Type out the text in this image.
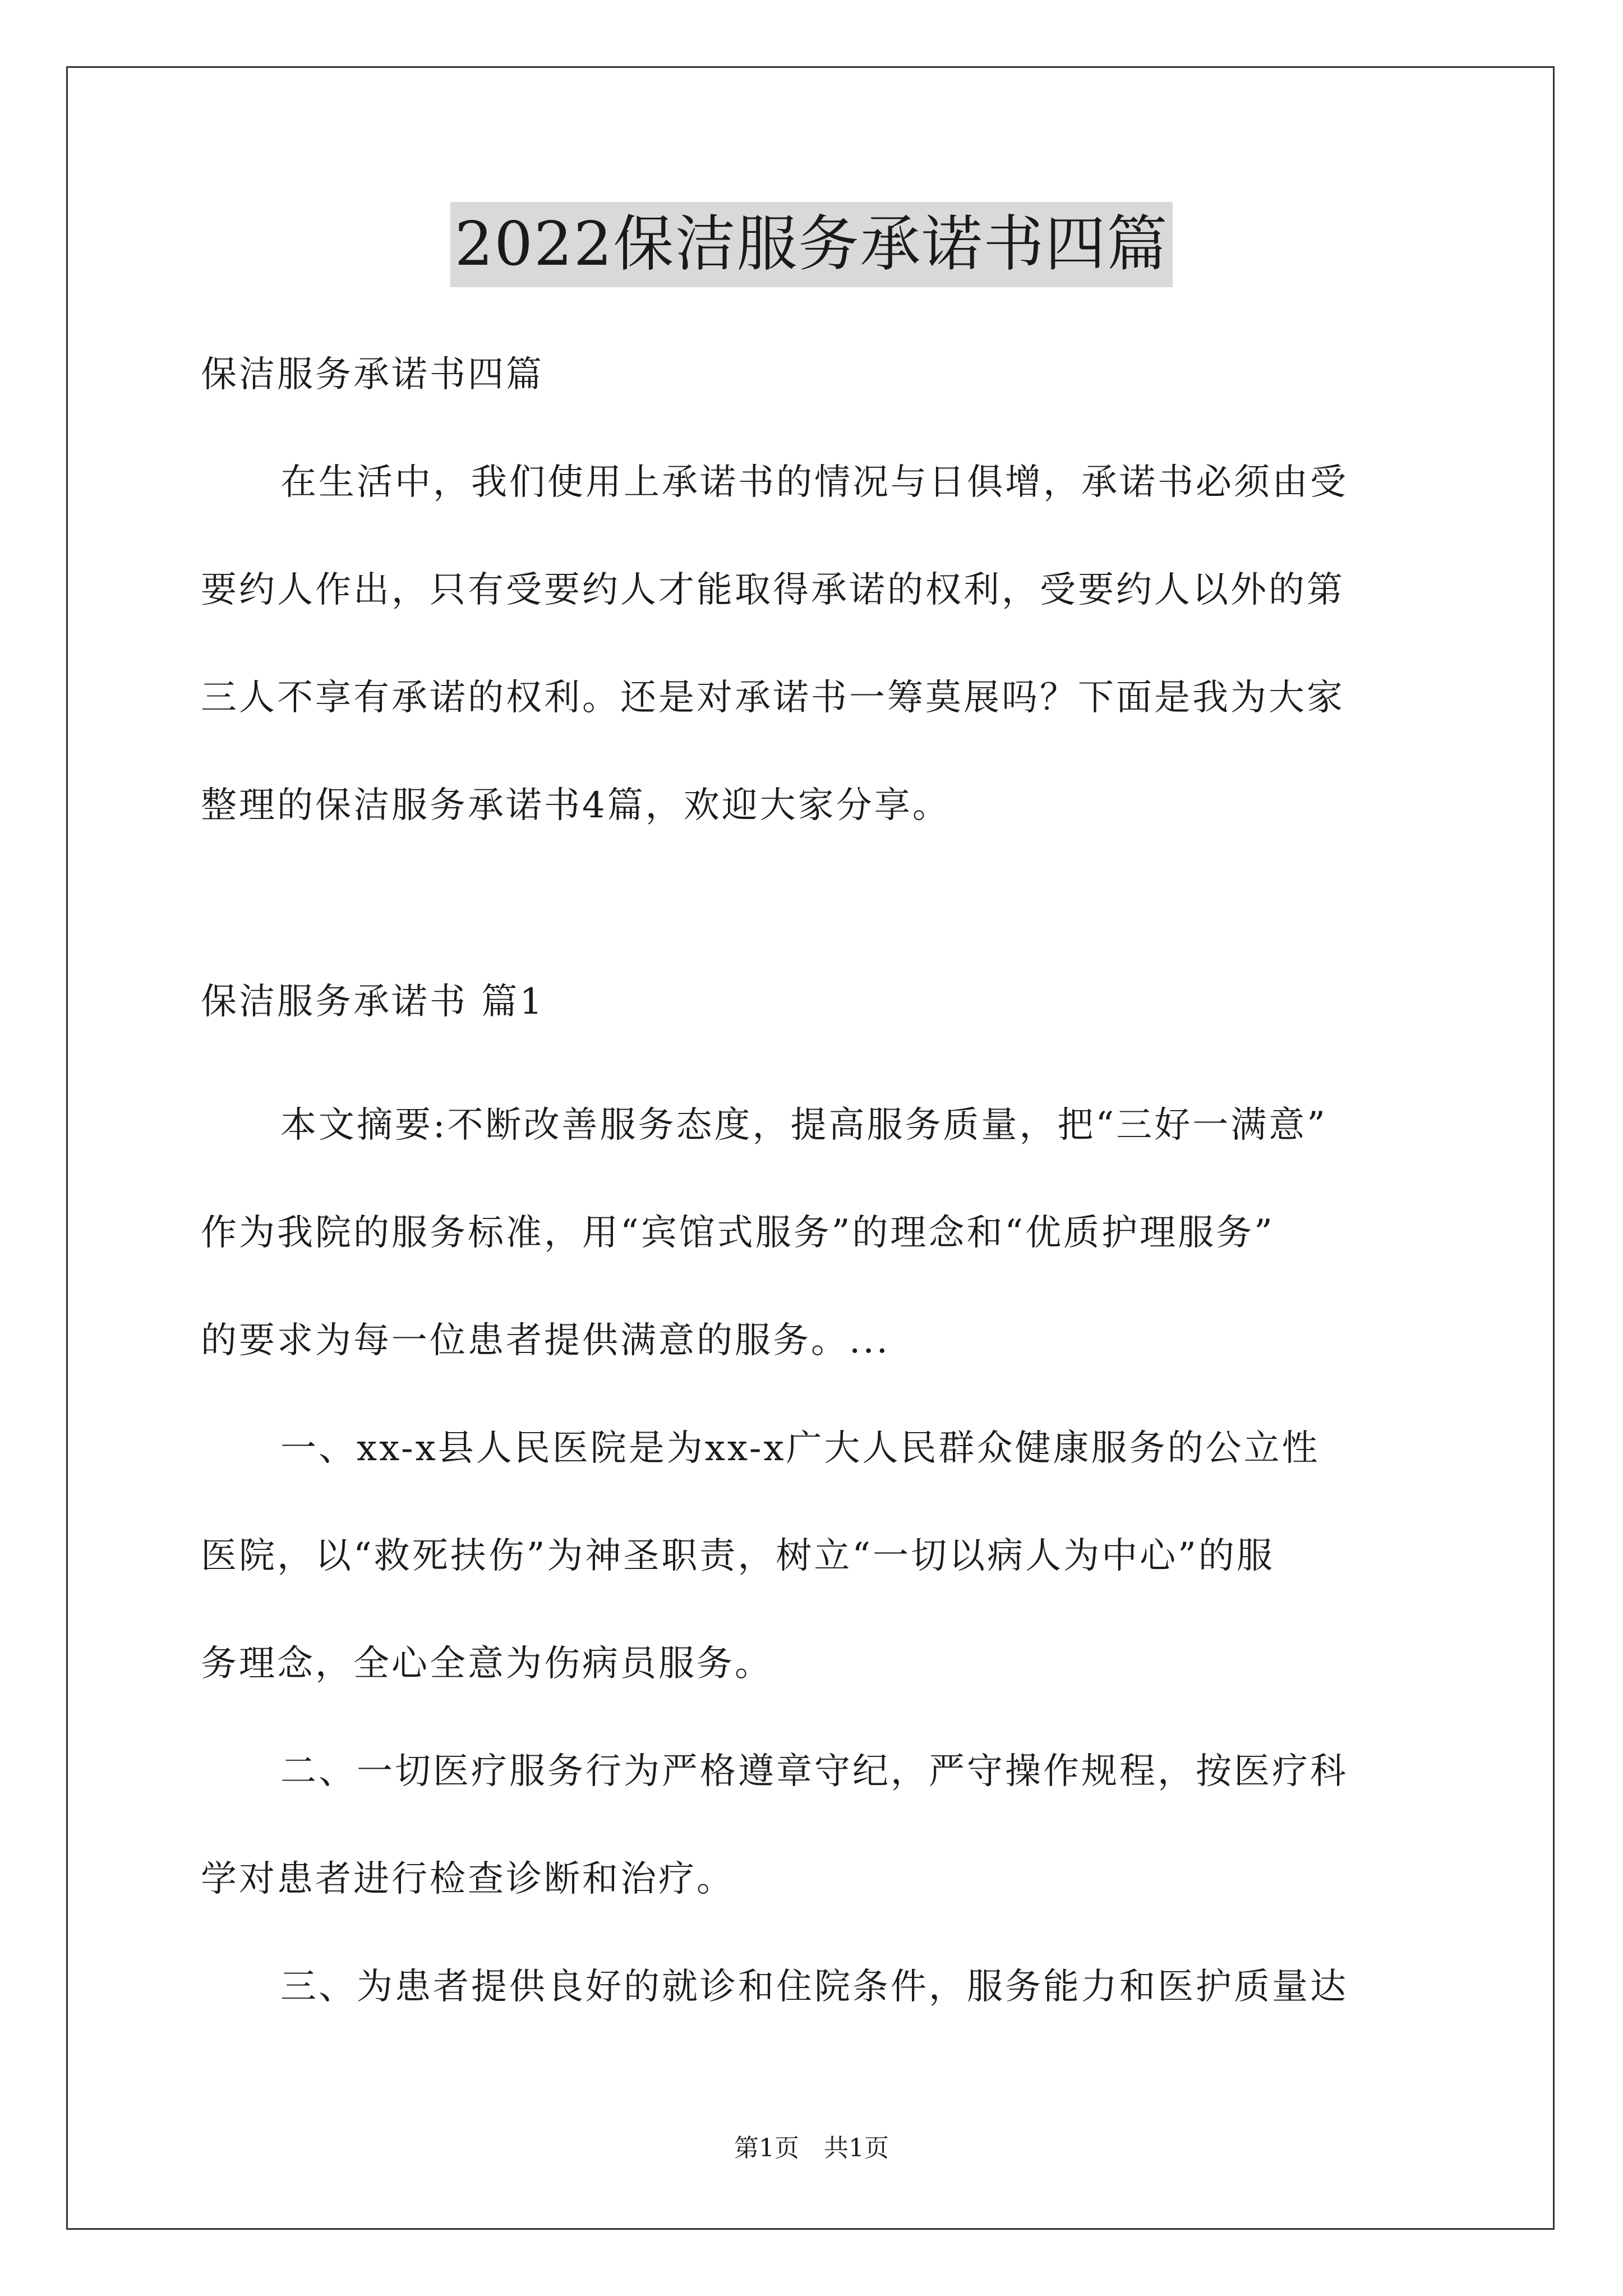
2022保洁服务承诺书四篇
保洁服务承诺书四篇
在生活中，我们使用上承诺书的情况与日俱增，承诺书必须由受
要约人作出，只有受要约人才能取得承诺的权利，受要约人以外的第
三人不享有承诺的权利。还是对承诺书一筹莫展吗？下面是我为大家
整理的保洁服务承诺书4篇，欢迎大家分享。
保洁服务承诺书 篇1
本文摘要:不断改善服务态度，提高服务质量，把“三好一满意”
作为我院的服务标准，用“宾馆式服务”的理念和“优质护理服务”
的要求为每一位患者提供满意的服务。...
一、xx-x县人民医院是为xx-x广大人民群众健康服务的公立性
医院，以“救死扶伤”为神圣职责，树立“一切以病人为中心”的服
务理念，全心全意为伤病员服务。
二、一切医疗服务行为严格遵章守纪，严守操作规程，按医疗科
学对患者进行检查诊断和治疗。
三、为患者提供良好的就诊和住院条件，服务能力和医护质量达
第1页　共1页
